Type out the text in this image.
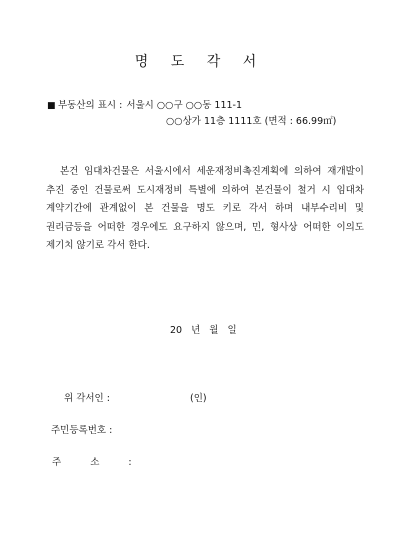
명 도 각 서
■ 부동산의 표시 : 서울시 ○○구 ○○동 111-1
○○상가 11층 1111호 (면적 : 66.99㎡)
본건 임대차건물은 서울시에서 세운재정비촉진계획에 의하여 재개발이 추진 중인 건물로써 도시재정비 특별에 의하여 본건물이 철거 시 임대차 계약기간에 관계없이 본 건물을 명도 키로 각서 하며 내부수리비 및 권리금등을 어떠한 경우에도 요구하지 않으며, 민, 형사상 어떠한 이의도 제기치 않기로 각서 한다.
20 년 월 일
위 각서인 :	(인)
주민등록번호 :
주 소 :
